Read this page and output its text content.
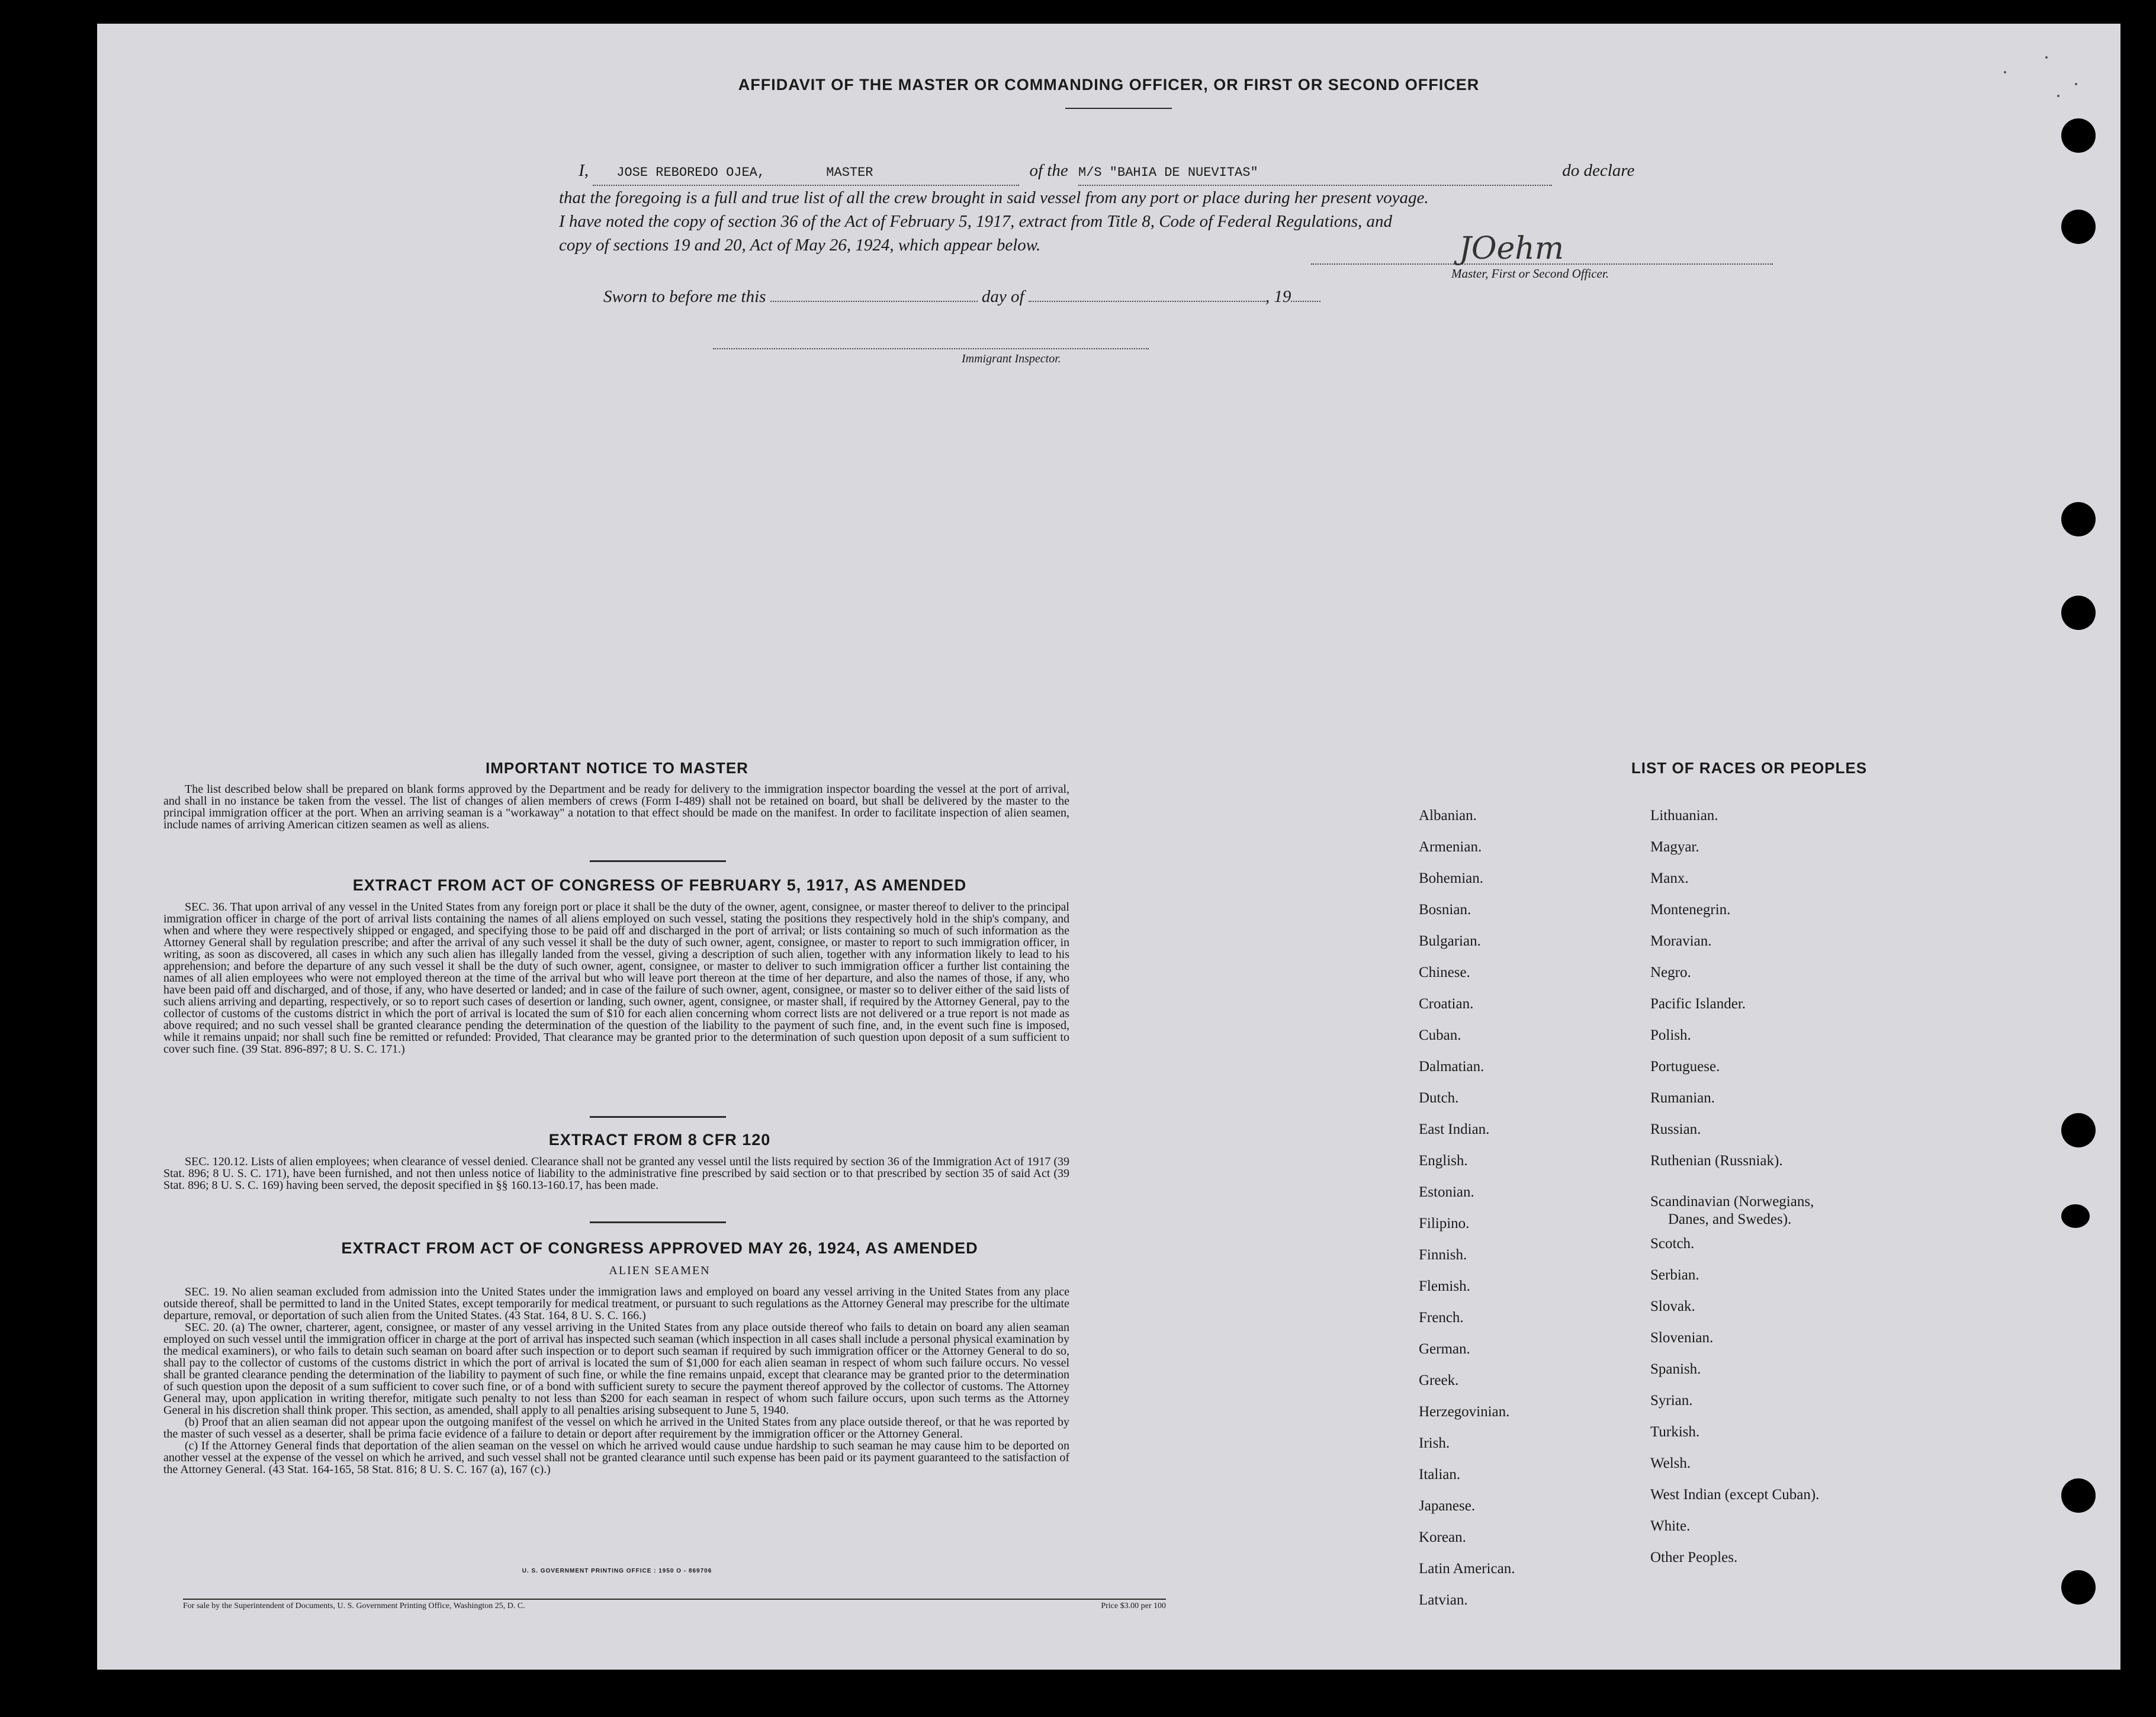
AFFIDAVIT OF THE MASTER OR COMMANDING OFFICER, OR FIRST OR SECOND OFFICER
I, JOSE REBOREDO OJEA,	MASTER	of the M/S "BAHIA DE NUEVITAS"	do declare
that the foregoing is a full and true list of all the crew brought in said vessel from any port or place during her present voyage.
I have noted the copy of section 36 of the Act of February 5, 1917, extract from Title 8, Code of Federal Regulations, and
copy of sections 19 and 20, Act of May 26, 1924, which appear below.	JOehm
Master, First or Second Officer.
Sworn to before me this	day of	, 19
Immigrant Inspector.
IMPORTANT NOTICE TO MASTER

The list described below shall be prepared on blank forms approved by the Department and be ready for delivery to the immigration inspector boarding the vessel at the port of arrival, and shall in no instance be taken from the vessel. The list of changes of alien members of crews (Form I-489) shall not be retained on board, but shall be delivered by the master to the principal immigration officer at the port. When an arriving seaman is a "workaway" a notation to that effect should be made on the manifest. In order to facilitate inspection of alien seamen, include names of arriving American citizen seamen as well as aliens.

EXTRACT FROM ACT OF CONGRESS OF FEBRUARY 5, 1917, AS AMENDED

SEC. 36. That upon arrival of any vessel in the United States from any foreign port or place it shall be the duty of the owner, agent, consignee, or master thereof to deliver to the principal immigration officer in charge of the port of arrival lists containing the names of all aliens employed on such vessel, stating the positions they respectively hold in the ship's company, and when and where they were respectively shipped or engaged, and specifying those to be paid off and discharged in the port of arrival; or lists containing so much of such information as the Attorney General shall by regulation prescribe; and after the arrival of any such vessel it shall be the duty of such owner, agent, consignee, or master to report to such immigration officer, in writing, as soon as discovered, all cases in which any such alien has illegally landed from the vessel, giving a description of such alien, together with any information likely to lead to his apprehension; and before the departure of any such vessel it shall be the duty of such owner, agent, consignee, or master to deliver to such immigration officer a further list containing the names of all alien employees who were not employed thereon at the time of the arrival but who will leave port thereon at the time of her departure, and also the names of those, if any, who have been paid off and discharged, and of those, if any, who have deserted or landed; and in case of the failure of such owner, agent, consignee, or master so to deliver either of the said lists of such aliens arriving and departing, respectively, or so to report such cases of desertion or landing, such owner, agent, consignee, or master shall, if required by the Attorney General, pay to the collector of customs of the customs district in which the port of arrival is located the sum of $10 for each alien concerning whom correct lists are not delivered or a true report is not made as above required; and no such vessel shall be granted clearance pending the determination of the question of the liability to the payment of such fine, and, in the event such fine is imposed, while it remains unpaid; nor shall such fine be remitted or refunded: Provided, That clearance may be granted prior to the determination of such question upon deposit of a sum sufficient to cover such fine. (39 Stat. 896-897; 8 U. S. C. 171.)

EXTRACT FROM 8 CFR 120

SEC. 120.12. Lists of alien employees; when clearance of vessel denied. Clearance shall not be granted any vessel until the lists required by section 36 of the Immigration Act of 1917 (39 Stat. 896; 8 U. S. C. 171), have been furnished, and not then unless notice of liability to the administrative fine prescribed by said section or to that prescribed by section 35 of said Act (39 Stat. 896; 8 U. S. C. 169) having been served, the deposit specified in §§ 160.13-160.17, has been made.

EXTRACT FROM ACT OF CONGRESS APPROVED MAY 26, 1924, AS AMENDED
ALIEN SEAMEN

SEC. 19. No alien seaman excluded from admission into the United States under the immigration laws and employed on board any vessel arriving in the United States from any place outside thereof, shall be permitted to land in the United States, except temporarily for medical treatment, or pursuant to such regulations as the Attorney General may prescribe for the ultimate departure, removal, or deportation of such alien from the United States. (43 Stat. 164, 8 U. S. C. 166.)

SEC. 20. (a) The owner, charterer, agent, consignee, or master of any vessel arriving in the United States from any place outside thereof who fails to detain on board any alien seaman employed on such vessel until the immigration officer in charge at the port of arrival has inspected such seaman (which inspection in all cases shall include a personal physical examination by the medical examiners), or who fails to detain such seaman on board after such inspection or to deport such seaman if required by such immigration officer or the Attorney General to do so, shall pay to the collector of customs of the customs district in which the port of arrival is located the sum of $1,000 for each alien seaman in respect of whom such failure occurs. No vessel shall be granted clearance pending the determination of the liability to payment of such fine, or while the fine remains unpaid, except that clearance may be granted prior to the determination of such question upon the deposit of a sum sufficient to cover such fine, or of a bond with sufficient surety to secure the payment thereof approved by the collector of customs. The Attorney General may, upon application in writing therefor, mitigate such penalty to not less than $200 for each seaman in respect of whom such failure occurs, upon such terms as the Attorney General in his discretion shall think proper. This section, as amended, shall apply to all penalties arising subsequent to June 5, 1940.

(b) Proof that an alien seaman did not appear upon the outgoing manifest of the vessel on which he arrived in the United States from any place outside thereof, or that he was reported by the master of such vessel as a deserter, shall be prima facie evidence of a failure to detain or deport after requirement by the immigration officer or the Attorney General.

(c) If the Attorney General finds that deportation of the alien seaman on the vessel on which he arrived would cause undue hardship to such seaman he may cause him to be deported on another vessel at the expense of the vessel on which he arrived, and such vessel shall not be granted clearance until such expense has been paid or its payment guaranteed to the satisfaction of the Attorney General. (43 Stat. 164-165, 58 Stat. 816; 8 U. S. C. 167 (a), 167 (c).)

U. S. GOVERNMENT PRINTING OFFICE : 1950 O - 869706
For sale by the Superintendent of Documents, U. S. Government Printing Office, Washington 25, D. C.	Price $3.00 per 100
LIST OF RACES OR PEOPLES
Albanian.
Armenian.
Bohemian.
Bosnian.
Bulgarian.
Chinese.
Croatian.
Cuban.
Dalmatian.
Dutch.
East Indian.
English.
Estonian.
Filipino.
Finnish.
Flemish.
French.
German.
Greek.
Herzegovinian.
Irish.
Italian.
Japanese.
Korean.
Latin American.
Latvian.
Lithuanian.
Magyar.
Manx.
Montenegrin.
Moravian.
Negro.
Pacific Islander.
Polish.
Portuguese.
Rumanian.
Russian.
Ruthenian (Russniak).
Scandinavian (Norwegians,
Danes, and Swedes).
Scotch.
Serbian.
Slovak.
Slovenian.
Spanish.
Syrian.
Turkish.
Welsh.
West Indian (except Cuban).
White.
Other Peoples.
